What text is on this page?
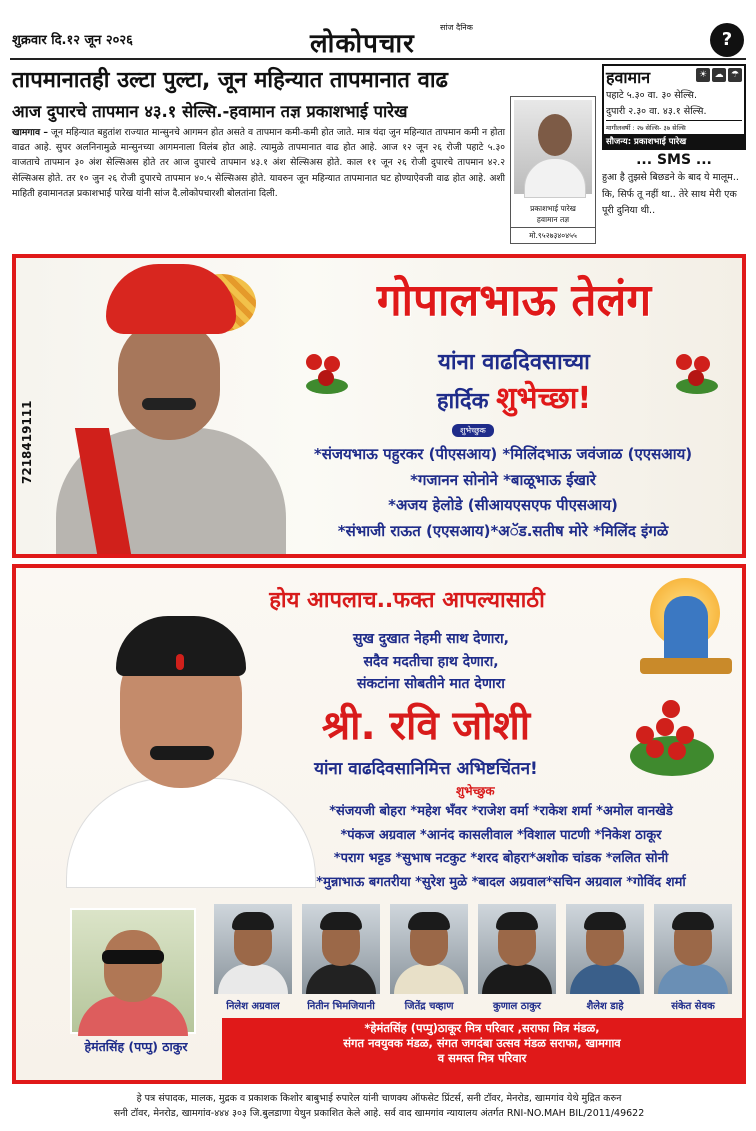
शुक्रवार दि.१२ जून २०२६	लोकोपचार
सांज दैनिक
?
तापमानातही उल्टा पुल्टा, जून महिन्यात तापमानात वाढ
आज दुपारचे तापमान ४३.१ सेल्सि.-हवामान तज्ञ प्रकाशभाई पारेख
खामगाव – जून महिन्यात बहुतांश राज्यात मान्सुनचे आगमन होत असते व तापमान कमी-कमी होत जाते. मात्र यंदा जुन महिन्यात तापमान कमी न होता वाढत आहे. सुपर अलनिनामुळे मान्सुनच्या आगमनाला विलंब होत आहे. त्यामुळे तापमानात वाढ होत आहे. आज १२ जून २६ रोजी पहाटे ५.३० वाजताचे तापमान ३० अंश सेल्सिअस होते तर आज दुपारचे तापमान ४३.१ अंश सेल्सिअस होते. काल ११ जून २६ रोजी दुपारचे तापमान ४२.२ सेल्सिअस होते. तर १० जुन २६ रोजी दुपारचे तापमान ४०.५ सेल्सिअस होते. यावरुन जून महिन्यात तापमानात घट होण्याऐवजी वाढ होत आहे. अशी माहिती हवामानतज्ञ प्रकाशभाई पारेख यांनी सांज दै.लोकोपचारशी बोलतांना दिली.
प्रकाशभाई पारेख
हवामान तज्ञ
मो.९५२७३४०४५५
हवामान	☀ ☁ ☂
पहाटे ५.३० वा. ३० सेल्सि.
दुपारी २.३० वा. ४३.१ सेल्सि.
मागीलवर्षी : २७ सेल्सि- ३७ सेल्सि
सौजन्य: प्रकाशभाई पारेख
... SMS ...
हुआ है तुझसे बिछडने के बाद ये मालूम.. कि, सिर्फ तू नहीं था.. तेरे साथ मेरी एक पूरी दुनिया थी..
7218419111
गोपालभाऊ तेलंग
यांना वाढदिवसाच्या
हार्दिक शुभेच्छा!
शुभेच्छुक
*संजयभाऊ पहुरकर (पीएसआय) *मिलिंदभाऊ जवंजाळ (एएसआय)
*गजानन सोनोने *बाळूभाऊ ईखारे
*अजय हेलोडे (सीआयएसएफ पीएसआय)
*संभाजी राऊत (एएसआय)*अॅड.सतीष मोरे *मिलिंद इंगळे
होय आपलाच..फक्त आपल्यासाठी
सुख दुखात नेहमी साथ देणारा,
सदैव मदतीचा हाथ देणारा,
संकटांना सोबतीने मात देणारा
श्री. रवि जोशी
यांना वाढदिवसानिमित्त अभिष्टचिंतन!
शुभेच्छुक
*संजयजी बोहरा *महेश भँवर *राजेश वर्मा *राकेश शर्मा *अमोल वानखेडे
*पंकज अग्रवाल *आनंद कासलीवाल *विशाल पाटणी *निकेश ठाकूर
*पराग भट्टड *सुभाष नटकुट *शरद बोहरा*अशोक चांडक *ललित सोनी
*मुन्नाभाऊ बगतरीया *सुरेश मुळे *बादल अग्रवाल*सचिन अग्रवाल *गोविंद शर्मा
हेमंतसिंह (पप्पु) ठाकुर
निलेश अग्रवाल	नितीन भिमजियानी	जितेंद्र चव्हाण	कुणाल ठाकुर	शैलेश डाहे	संकेत सेवक
*हेमंतसिंह (पप्पु)ठाकूर मित्र परिवार ,सराफा मित्र मंडळ,
संगत नवयुवक मंडळ, संगत जगदंबा उत्सव मंडळ सराफा, खामगाव
व समस्त मित्र परिवार
हे पत्र संपादक, मालक, मुद्रक व प्रकाशक किशोर बाबुभाई रुपारेल यांनी चाणक्य ऑफसेट प्रिंटर्स, सनी टॉवर, मेनरोड, खामगांव येथे मुद्रित करुन
सनी टॉवर, मेनरोड, खामगांव-४४४ ३०३ जि.बुलडाणा येथुन प्रकाशित केले आहे. सर्व वाद खामगांव न्यायालय अंतर्गत RNI-NO.MAH BIL/2011/49622
